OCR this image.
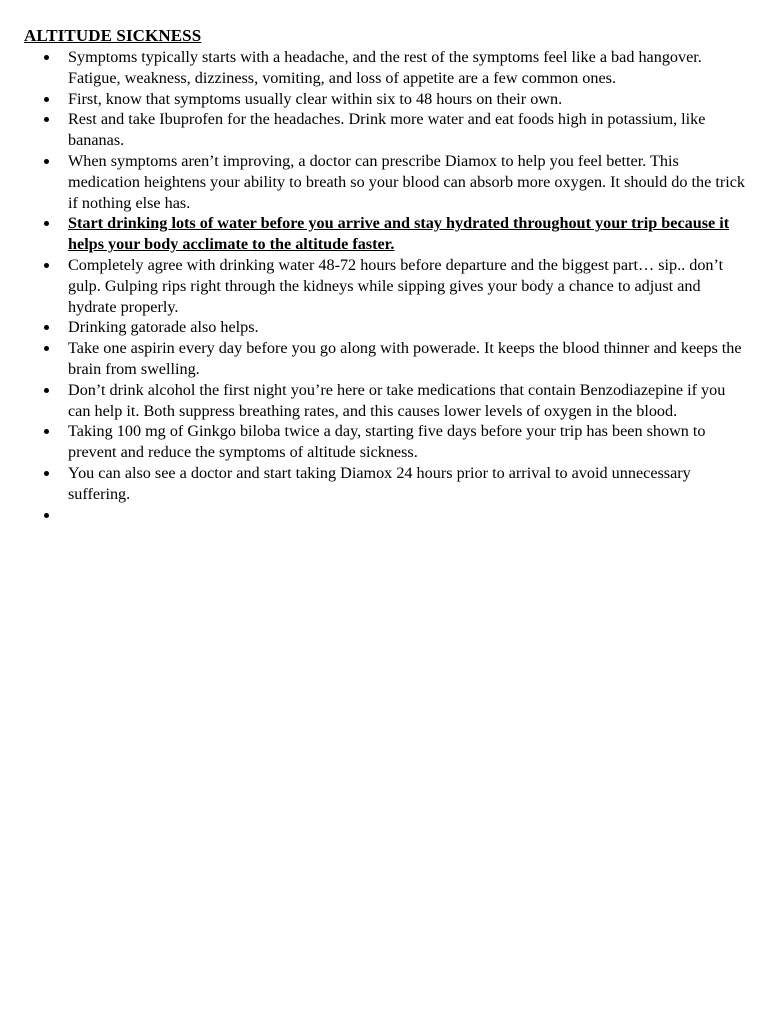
ALTITUDE SICKNESS
Symptoms typically starts with a headache, and the rest of the symptoms feel like a bad hangover. Fatigue, weakness, dizziness, vomiting, and loss of appetite are a few common ones.
First, know that symptoms usually clear within six to 48 hours on their own.
Rest and take Ibuprofen for the headaches. Drink more water and eat foods high in potassium, like bananas.
When symptoms aren’t improving, a doctor can prescribe Diamox to help you feel better. This medication heightens your ability to breath so your blood can absorb more oxygen. It should do the trick if nothing else has.
Start drinking lots of water before you arrive and stay hydrated throughout your trip because it helps your body acclimate to the altitude faster.
Completely agree with drinking water 48-72 hours before departure and the biggest part… sip.. don’t gulp. Gulping rips right through the kidneys while sipping gives your body a chance to adjust and hydrate properly.
Drinking gatorade also helps.
Take one aspirin every day before you go along with powerade. It keeps the blood thinner and keeps the brain from swelling.
Don’t drink alcohol the first night you’re here or take medications that contain Benzodiazepine if you can help it. Both suppress breathing rates, and this causes lower levels of oxygen in the blood.
Taking 100 mg of Ginkgo biloba twice a day, starting five days before your trip has been shown to prevent and reduce the symptoms of altitude sickness.
You can also see a doctor and start taking Diamox 24 hours prior to arrival to avoid unnecessary suffering.
